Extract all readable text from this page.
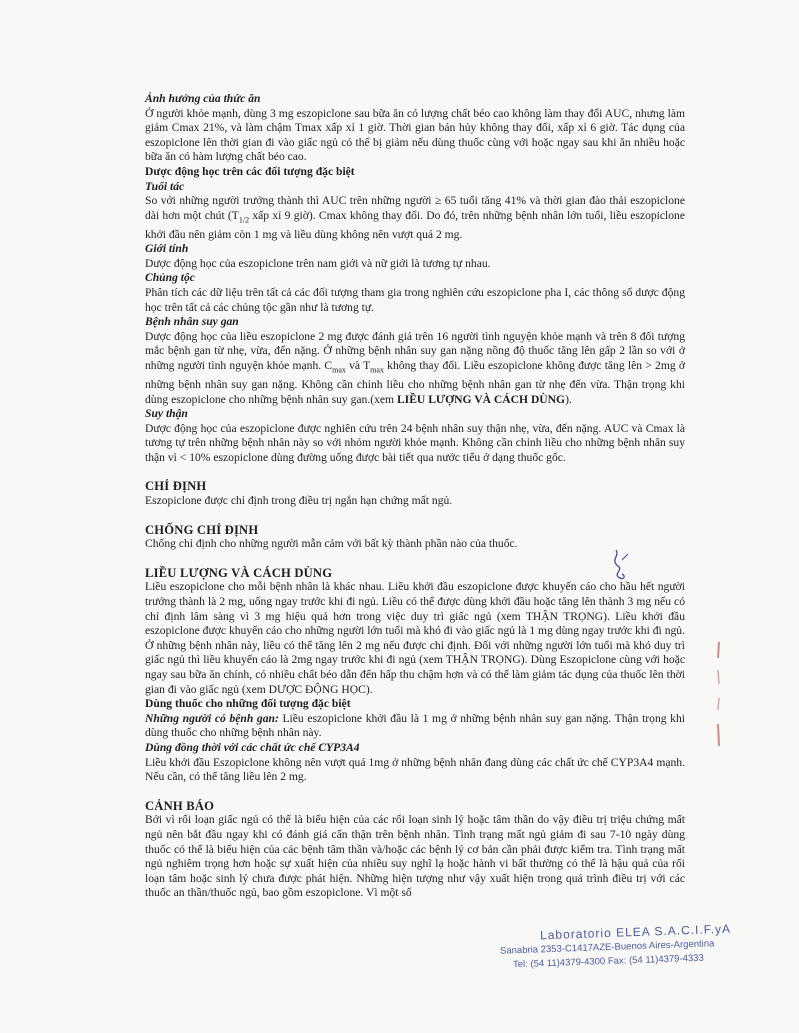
Ảnh hưởng của thức ăn

Ở người khỏe mạnh, dùng 3 mg eszopiclone sau bữa ăn có lượng chất béo cao không làm thay đổi AUC, nhưng làm giảm Cmax 21%, và làm chậm Tmax xấp xỉ 1 giờ. Thời gian bán hủy không thay đổi, xấp xỉ 6 giờ. Tác dụng của eszopiclone lên thời gian đi vào giấc ngủ có thể bị giảm nếu dùng thuốc cùng với hoặc ngay sau khi ăn nhiều hoặc bữa ăn có hàm lượng chất béo cao.

Dược động học trên các đối tượng đặc biệt

Tuổi tác

So với những người trưởng thành thì AUC trên những người ≥ 65 tuổi tăng 41% và thời gian đào thải eszopiclone dài hơn một chút ($T_{1/2}$ xấp xỉ 9 giờ). Cmax không thay đổi. Do đó, trên những bệnh nhân lớn tuổi, liều eszopiclone khởi đầu nên giảm còn 1 mg và liều dùng không nên vượt quá 2 mg.

Giới tính

Dược động học của eszopiclone trên nam giới và nữ giới là tương tự nhau.

Chủng tộc

Phân tích các dữ liệu trên tất cả các đối tượng tham gia trong nghiên cứu eszopiclone pha I, các thông số dược động học trên tất cả các chủng tộc gần như là tương tự.

Bệnh nhân suy gan

Dược động học của liều eszopiclone 2 mg được đánh giá trên 16 người tình nguyện khỏe mạnh và trên 8 đối tượng mắc bệnh gan từ nhẹ, vừa, đến nặng. Ở những bệnh nhân suy gan nặng nồng độ thuốc tăng lên gấp 2 lần so với ở những người tình nguyện khỏe mạnh. $C_{max}$ và $T_{max}$ không thay đổi. Liều eszopiclone không được tăng lên > 2mg ở những bệnh nhân suy gan nặng. Không cần chỉnh liều cho những bệnh nhân gan từ nhẹ đến vừa. Thận trọng khi dùng eszopiclone cho những bệnh nhân suy gan.(xem LIỀU LƯỢNG VÀ CÁCH DÙNG).

Suy thận

Dược động học của eszopiclone được nghiên cứu trên 24 bệnh nhân suy thận nhẹ, vừa, đến nặng. AUC và Cmax là tương tự trên những bệnh nhân này so với nhóm người khỏe mạnh. Không cần chỉnh liều cho những bệnh nhân suy thận vì < 10% eszopiclone dùng đường uống được bài tiết qua nước tiểu ở dạng thuốc gốc.

CHỈ ĐỊNH

Eszopiclone được chỉ định trong điều trị ngắn hạn chứng mất ngủ.

CHỐNG CHỈ ĐỊNH

Chống chỉ định cho những người mẫn cảm với bất kỳ thành phần nào của thuốc.

LIỀU LƯỢNG VÀ CÁCH DÙNG

Liều eszopiclone cho mỗi bệnh nhân là khác nhau. Liều khởi đầu eszopiclone được khuyến cáo cho hầu hết người trưởng thành là 2 mg, uống ngay trước khi đi ngủ. Liều có thể được dùng khởi đầu hoặc tăng lên thành 3 mg nếu có chỉ định lâm sàng vì 3 mg hiệu quả hơn trong việc duy trì giấc ngủ (xem THẬN TRỌNG). Liều khởi đầu eszopiclone được khuyến cáo cho những người lớn tuổi mà khó đi vào giấc ngủ là 1 mg dùng ngay trước khi đi ngủ. Ở những bệnh nhân này, liều có thể tăng lên 2 mg nếu được chỉ định. Đối với những người lớn tuổi mà khó duy trì giấc ngủ thì liều khuyến cáo là 2mg ngay trước khi đi ngủ (xem THẬN TRỌNG). Dùng Eszopiclone cùng với hoặc ngay sau bữa ăn chính, có nhiều chất béo dẫn đến hấp thu chậm hơn và có thể làm giảm tác dụng của thuốc lên thời gian đi vào giấc ngủ (xem DƯỢC ĐỘNG HỌC).

Dùng thuốc cho những đối tượng đặc biệt

Những người có bệnh gan: Liều eszopiclone khởi đầu là 1 mg ở những bệnh nhân suy gan nặng. Thận trọng khi dùng thuốc cho những bệnh nhân này.

Dùng đồng thời với các chất ức chế CYP3A4

Liều khởi đầu Eszopiclone không nên vượt quá 1mg ở những bệnh nhân đang dùng các chất ức chế CYP3A4 mạnh. Nếu cần, có thể tăng liều lên 2 mg.

CẢNH BÁO

Bởi vì rối loạn giấc ngủ có thể là biểu hiện của các rối loạn sinh lý hoặc tâm thần do vậy điều trị triệu chứng mất ngủ nên bắt đầu ngay khi có đánh giá cẩn thận trên bệnh nhân. Tình trạng mất ngủ giảm đi sau 7-10 ngày dùng thuốc có thể là biểu hiện của các bệnh tâm thần và/hoặc các bệnh lý cơ bản cần phải được kiểm tra. Tình trạng mất ngủ nghiêm trọng hơn hoặc sự xuất hiện của nhiều suy nghĩ lạ hoặc hành vi bất thường có thể là hậu quả của rối loạn tâm hoặc sinh lý chưa được phát hiện. Những hiện tượng như vậy xuất hiện trong quá trình điều trị với các thuốc an thần/thuốc ngủ, bao gồm eszopiclone. Vì một số

Laboratorio ELEA S.A.C.I.F.yA
Sanabria 2353-C1417AZE-Buenos Aires-Argentina
Tel: (54 11)4379-4300 Fax: (54 11)4379-4333
